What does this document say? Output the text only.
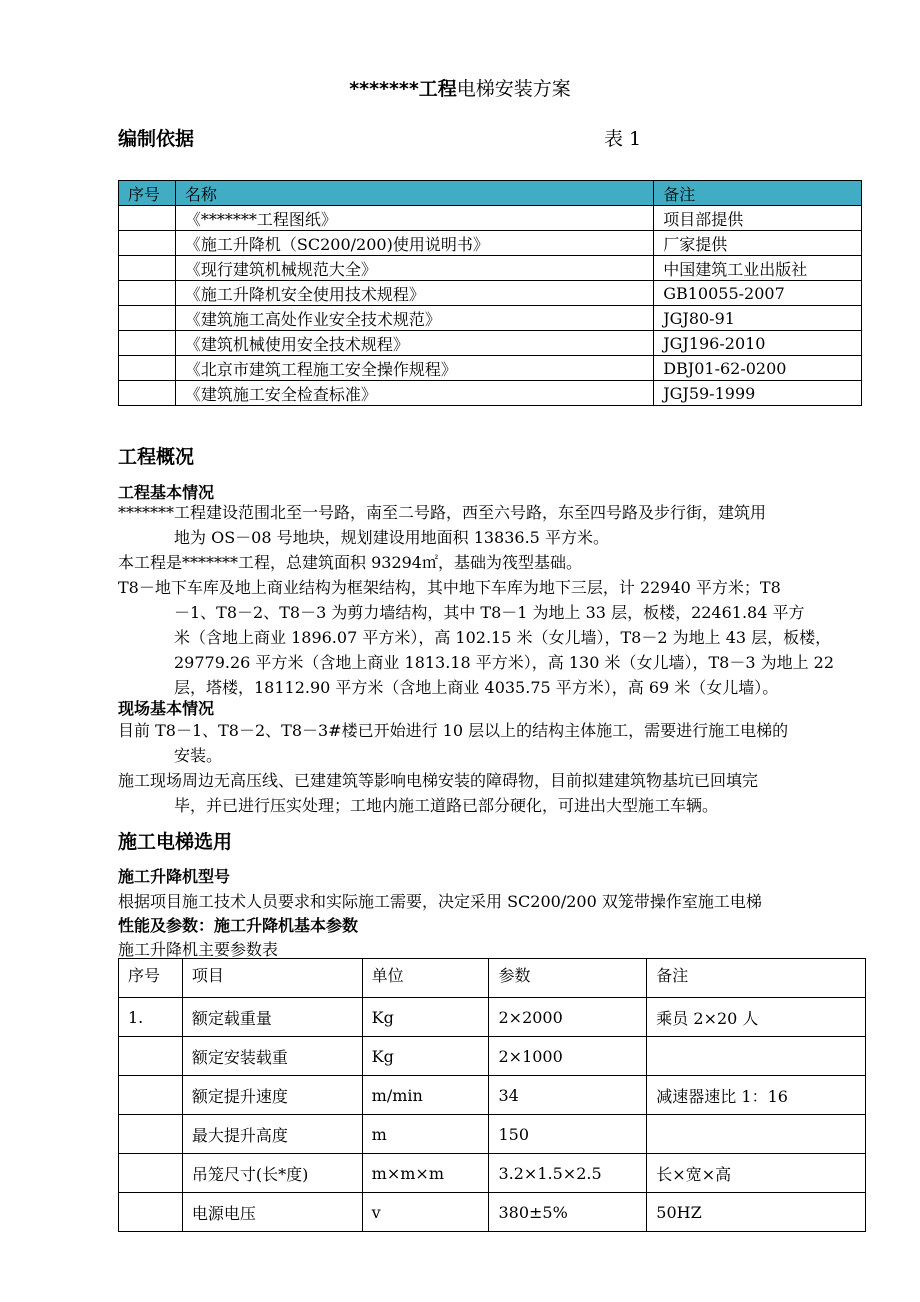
*******工程电梯安装方案
编制依据	表 1
序号	名称	备注
	《*******工程图纸》	项目部提供
	《施工升降机（SC200/200)使用说明书》	厂家提供
	《现行建筑机械规范大全》	中国建筑工业出版社
	《施工升降机安全使用技术规程》	GB10055-2007
	《建筑施工高处作业安全技术规范》	JGJ80-91
	《建筑机械使用安全技术规程》	JGJ196-2010
	《北京市建筑工程施工安全操作规程》	DBJ01-62-0200
	《建筑施工安全检查标准》	JGJ59-1999
工程概况
工程基本情况
*******工程建设范围北至一号路，南至二号路，西至六号路，东至四号路及步行街，建筑用
地为 OS－08 号地块，规划建设用地面积 13836.5 平方米。
本工程是*******工程，总建筑面积 93294㎡，基础为筏型基础。
T8－地下车库及地上商业结构为框架结构，其中地下车库为地下三层，计 22940 平方米；T8
－1、T8－2、T8－3 为剪力墙结构，其中 T8－1 为地上 33 层，板楼，22461.84 平方
米（含地上商业 1896.07 平方米），高 102.15 米（女儿墙），T8－2 为地上 43 层，板楼，
29779.26 平方米（含地上商业 1813.18 平方米），高 130 米（女儿墙），T8－3 为地上 22
层，塔楼，18112.90 平方米（含地上商业 4035.75 平方米），高 69 米（女儿墙）。
现场基本情况
目前 T8－1、T8－2、T8－3#楼已开始进行 10 层以上的结构主体施工，需要进行施工电梯的
安装。
施工现场周边无高压线、已建建筑等影响电梯安装的障碍物，目前拟建建筑物基坑已回填完
毕，并已进行压实处理；工地内施工道路已部分硬化，可进出大型施工车辆。
施工电梯选用
施工升降机型号
根据项目施工技术人员要求和实际施工需要，决定采用 SC200/200 双笼带操作室施工电梯
性能及参数：施工升降机基本参数
施工升降机主要参数表
序号	项目	单位	参数	备注
1.	额定载重量	Kg	2×2000	乘员 2×20 人
	额定安装载重	Kg	2×1000	
	额定提升速度	m/min	34	减速器速比 1：16
	最大提升高度	m	150	
	吊笼尺寸(长*度)	m×m×m	3.2×1.5×2.5	长×宽×高
	电源电压	v	380±5%	50HZ
